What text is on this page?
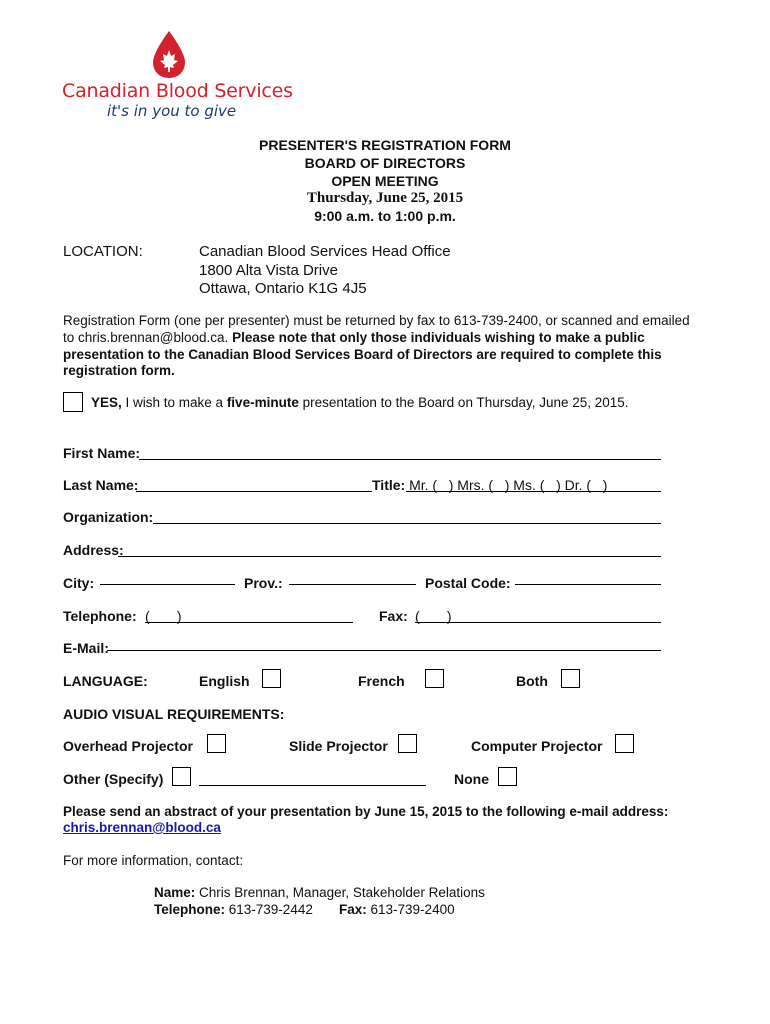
Canadian Blood Services
it's in you to give
PRESENTER'S REGISTRATION FORM
BOARD OF DIRECTORS
OPEN MEETING
Thursday, June 25, 2015
9:00 a.m. to 1:00 p.m.
LOCATION:	Canadian Blood Services Head Office
1800 Alta Vista Drive
Ottawa, Ontario K1G 4J5
Registration Form (one per presenter) must be returned by fax to 613-739-2400, or scanned and emailed
to chris.brennan@blood.ca. Please note that only those individuals wishing to make a public
presentation to the Canadian Blood Services Board of Directors are required to complete this
registration form.
YES, I wish to make a five-minute presentation to the Board on Thursday, June 25, 2015.
First Name:
Last Name:	Title: Mr. (   ) Mrs. (   ) Ms. (   ) Dr. (   )
Organization:
Address:
City:	Prov.:	Postal Code:
Telephone: (       )	Fax: (       )
E-Mail:
LANGUAGE:	English	French	Both
AUDIO VISUAL REQUIREMENTS:
Overhead Projector	Slide Projector	Computer Projector
Other (Specify)	None
Please send an abstract of your presentation by June 15, 2015 to the following e-mail address:
chris.brennan@blood.ca
For more information, contact:
Name: Chris Brennan, Manager, Stakeholder Relations
Telephone: 613-739-2442 Fax: 613-739-2400
